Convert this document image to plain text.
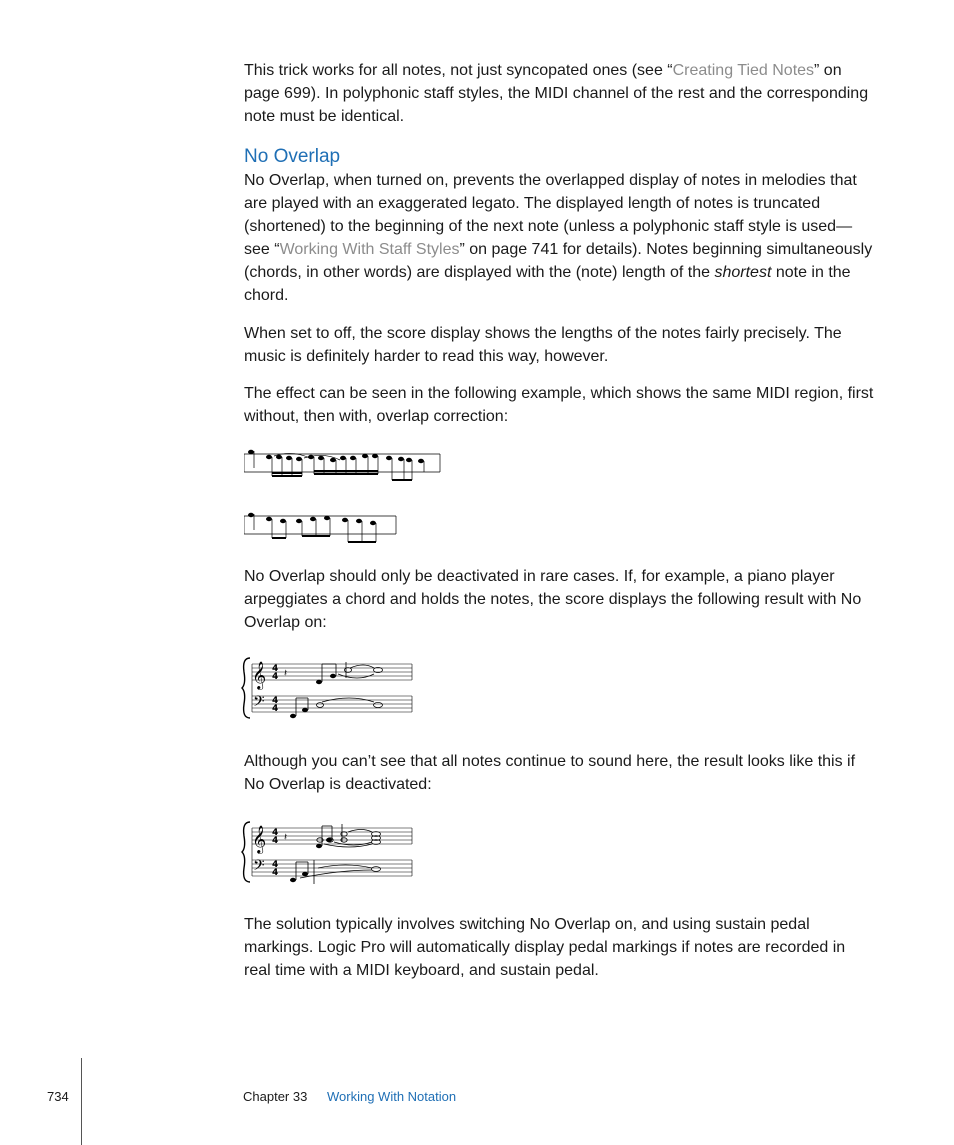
This trick works for all notes, not just syncopated ones (see “Creating Tied Notes” on page 699). In polyphonic staff styles, the MIDI channel of the rest and the corresponding note must be identical.

No Overlap

No Overlap, when turned on, prevents the overlapped display of notes in melodies that are played with an exaggerated legato. The displayed length of notes is truncated (shortened) to the beginning of the next note (unless a polyphonic staff style is used—see “Working With Staff Styles” on page 741 for details). Notes beginning simultaneously (chords, in other words) are displayed with the (note) length of the shortest note in the chord.

When set to off, the score display shows the lengths of the notes fairly precisely. The music is definitely harder to read this way, however.

The effect can be seen in the following example, which shows the same MIDI region, first without, then with, overlap correction:

No Overlap should only be deactivated in rare cases. If, for example, a piano player arpeggiates a chord and holds the notes, the score displays the following result with No Overlap on:

𝄞
𝄢
4
4
4
4
𝄽

Although you can’t see that all notes continue to sound here, the result looks like this if No Overlap is deactivated:

𝄞
𝄢
4
4
4
4
𝄽

The solution typically involves switching No Overlap on, and using sustain pedal markings. Logic Pro will automatically display pedal markings if notes are recorded in real time with a MIDI keyboard, and sustain pedal.

734	Chapter 33 Working With Notation
